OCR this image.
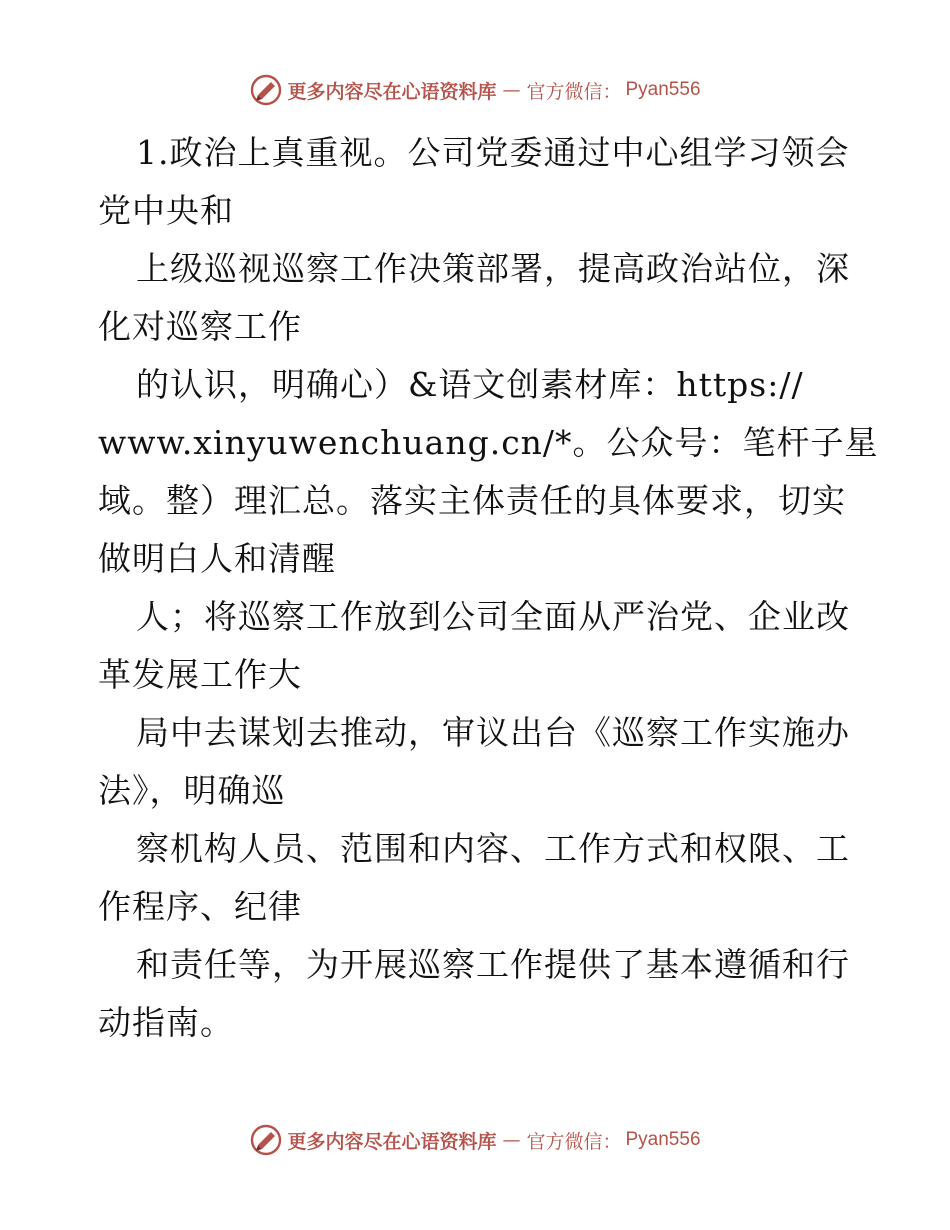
更多内容尽在心语资料库 — 官方微信： Pyan556
1.政治上真重视。公司党委通过中心组学习领会
党中央和
上级巡视巡察工作决策部署，提高政治站位，深
化对巡察工作
的认识，明确心）&语文创素材库：https://
www.xinyuwenchuang.cn/*。公众号：笔杆子星
域。整）理汇总。落实主体责任的具体要求，切实
做明白人和清醒
人；将巡察工作放到公司全面从严治党、企业改
革发展工作大
局中去谋划去推动，审议出台《巡察工作实施办
法》，明确巡
察机构人员、范围和内容、工作方式和权限、工
作程序、纪律
和责任等，为开展巡察工作提供了基本遵循和行
动指南。
更多内容尽在心语资料库 — 官方微信： Pyan556
